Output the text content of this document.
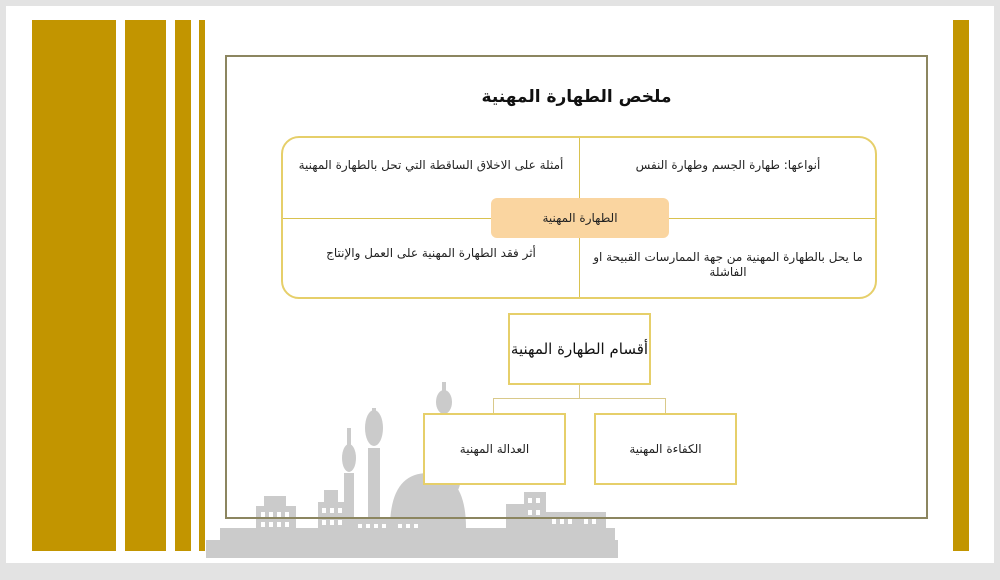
ملخص الطهارة المهنية
أمثلة على الاخلاق الساقطة التي تحل بالطهارة المهنية	أنواعها: طهارة الجسم وطهارة النفس
أثر فقد الطهارة المهنية على العمل والإنتاج	ما يحل بالطهارة المهنية من جهة الممارسات القبيحة او الفاشلة
الطهارة المهنية
أقسام الطهارة المهنية
الكفاءة المهنية
العدالة المهنية
